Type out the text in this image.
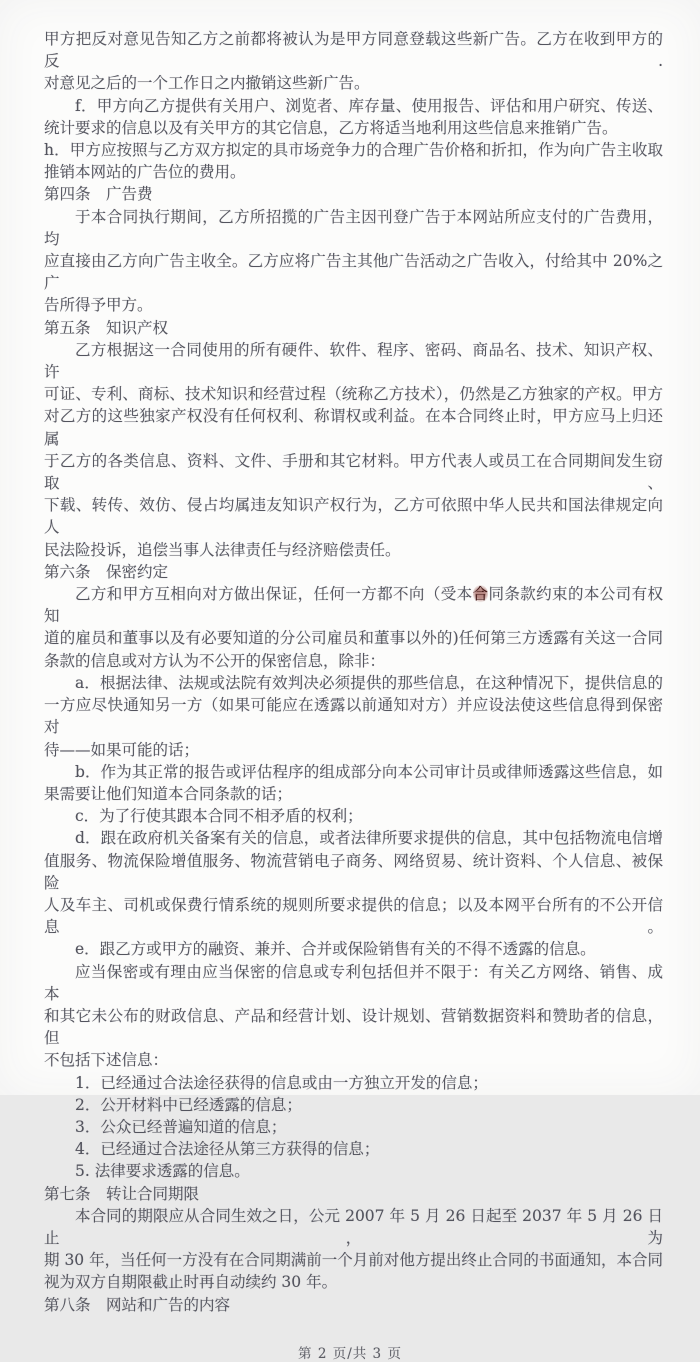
甲方把反对意见告知乙方之前都将被认为是甲方同意登载这些新广告。乙方在收到甲方的反.
对意见之后的一个工作日之内撤销这些新广告。
f．甲方向乙方提供有关用户、浏览者、库存量、使用报告、评估和用户研究、传送、
统计要求的信息以及有关甲方的其它信息，乙方将适当地利用这些信息来推销广告。
h．甲方应按照与乙方双方拟定的具市场竞争力的合理广告价格和折扣，作为向广告主收取
推销本网站的广告位的费用。
第四条　广告费
于本合同执行期间，乙方所招揽的广告主因刊登广告于本网站所应支付的广告费用，均
应直接由乙方向广告主收全。乙方应将广告主其他广告活动之广告收入，付给其中 20%之广
告所得予甲方。
第五条　知识产权
乙方根据这一合同使用的所有硬件、软件、程序、密码、商品名、技术、知识产权、许
可证、专利、商标、技术知识和经营过程（统称乙方技术），仍然是乙方独家的产权。甲方
对乙方的这些独家产权没有任何权利、称谓权或利益。在本合同终止时，甲方应马上归还属
于乙方的各类信息、资料、文件、手册和其它材料。甲方代表人或员工在合同期间发生窃取、
下载、转传、效仿、侵占均属违友知识产权行为，乙方可依照中华人民共和国法律规定向人
民法险投诉，追偿当事人法律责任与经济赔偿责任。
第六条　保密约定
乙方和甲方互相向对方做出保证，任何一方都不向（受本合同条款约束的本公司有权知
道的雇员和董事以及有必要知道的分公司雇员和董事以外的)任何第三方透露有关这一合同
条款的信息或对方认为不公开的保密信息，除非：
a．根据法律、法规或法院有效判决必须提供的那些信息，在这种情况下，提供信息的
一方应尽快通知另一方（如果可能应在透露以前通知对方）并应设法使这些信息得到保密对
待——如果可能的话；
b．作为其正常的报告或评估程序的组成部分向本公司审计员或律师透露这些信息，如
果需要让他们知道本合同条款的话；
c．为了行使其跟本合同不相矛盾的权利；
d．跟在政府机关备案有关的信息，或者法律所要求提供的信息，其中包括物流电信增
值服务、物流保险增值服务、物流营销电子商务、网络贸易、统计资料、个人信息、被保险
人及车主、司机或保费行情系统的规则所要求提供的信息；以及本网平台所有的不公开信息。
e．跟乙方或甲方的融资、兼并、合并或保险销售有关的不得不透露的信息。
应当保密或有理由应当保密的信息或专利包括但并不限于：有关乙方网络、销售、成本
和其它未公布的财政信息、产品和经营计划、设计规划、营销数据资料和赞助者的信息，但
不包括下述信息：
1．已经通过合法途径获得的信息或由一方独立开发的信息；
2．公开材料中已经透露的信息；
3．公众已经普遍知道的信息；
4．已经通过合法途径从第三方获得的信息；
5. 法律要求透露的信息。
第七条　转让合同期限
本合同的期限应从合同生效之日，公元 2007 年 5 月 26 日起至 2037 年 5 月 26 日止，为
期 30 年，当任何一方没有在合同期满前一个月前对他方提出终止合同的书面通知，本合同
视为双方自期限截止时再自动续约 30 年。
第八条　网站和广告的内容
第 2 页/共 3 页
